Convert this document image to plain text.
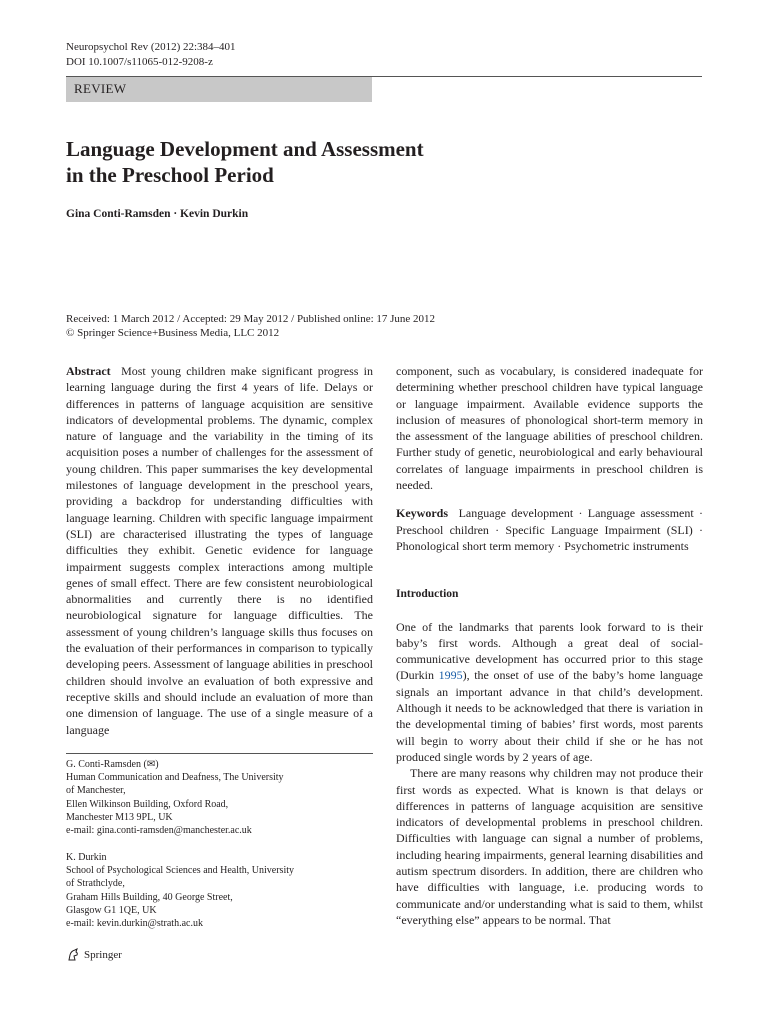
Neuropsychol Rev (2012) 22:384–401
DOI 10.1007/s11065-012-9208-z
REVIEW
Language Development and Assessment
in the Preschool Period
Gina Conti-Ramsden · Kevin Durkin
Received: 1 March 2012 / Accepted: 29 May 2012 / Published online: 17 June 2012
© Springer Science+Business Media, LLC 2012

Abstract Most young children make significant progress in learning language during the first 4 years of life. Delays or differences in patterns of language acquisition are sensitive indicators of developmental problems. The dynamic, complex nature of language and the variability in the timing of its acquisition poses a number of challenges for the assessment of young children. This paper summarises the key developmental milestones of language development in the preschool years, providing a backdrop for understanding difficulties with language learning. Children with specific language impairment (SLI) are characterised illustrating the types of language difficulties they exhibit. Genetic evidence for language impairment suggests complex interactions among multiple genes of small effect. There are few consistent neurobiological abnormalities and currently there is no identified neurobiological signature for language difficulties. The assessment of young children’s language skills thus focuses on the evaluation of their performances in comparison to typically developing peers. Assessment of language abilities in preschool children should involve an evaluation of both expressive and receptive skills and should include an evaluation of more than one dimension of language. The use of a single measure of a language

G. Conti-Ramsden (✉)
Human Communication and Deafness, The University
of Manchester,
Ellen Wilkinson Building, Oxford Road,
Manchester M13 9PL, UK
e-mail: gina.conti-ramsden@manchester.ac.uk
K. Durkin
School of Psychological Sciences and Health, University
of Strathclyde,
Graham Hills Building, 40 George Street,
Glasgow G1 1QE, UK
e-mail: kevin.durkin@strath.ac.uk

component, such as vocabulary, is considered inadequate for determining whether preschool children have typical language or language impairment. Available evidence supports the inclusion of measures of phonological short-term memory in the assessment of the language abilities of preschool children. Further study of genetic, neurobiological and early behavioural correlates of language impairments in preschool children is needed.

Keywords Language development · Language assessment · Preschool children · Specific Language Impairment (SLI) · Phonological short term memory · Psychometric instruments

Introduction

One of the landmarks that parents look forward to is their baby’s first words. Although a great deal of social-communicative development has occurred prior to this stage (Durkin 1995), the onset of use of the baby’s home language signals an important advance in that child’s development. Although it needs to be acknowledged that there is variation in the developmental timing of babies’ first words, most parents will begin to worry about their child if she or he has not produced single words by 2 years of age.

There are many reasons why children may not produce their first words as expected. What is known is that delays or differences in patterns of language acquisition are sensitive indicators of developmental problems in preschool children. Difficulties with language can signal a number of problems, including hearing impairments, general learning disabilities and autism spectrum disorders. In addition, there are children who have difficulties with language, i.e. producing words to communicate and/or understanding what is said to them, whilst “everything else” appears to be normal. That

Springer
